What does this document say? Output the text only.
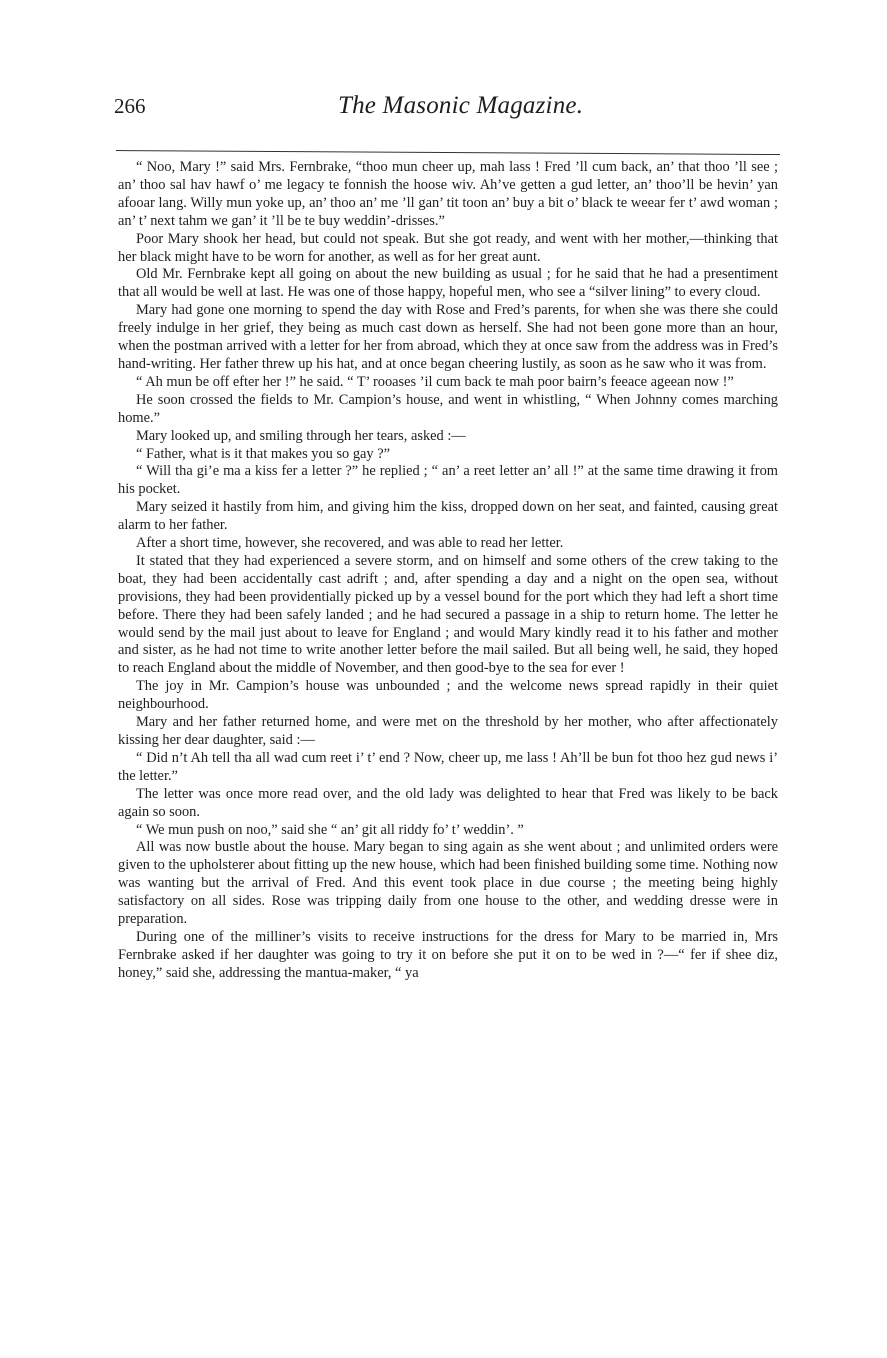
266	The Masonic Magazine.

“ Noo, Mary !” said Mrs. Fernbrake, “thoo mun cheer up, mah lass ! Fred ’ll cum back, an’ that thoo ’ll see ; an’ thoo sal hav hawf o’ me legacy te fonnish the hoose wiv. Ah’ve getten a gud letter, an’ thoo’ll be hevin’ yan afooar lang. Willy mun yoke up, an’ thoo an’ me ’ll gan’ tit toon an’ buy a bit o’ black te weear fer t’ awd woman ; an’ t’ next tahm we gan’ it ’ll be te buy weddin’-drisses.”

Poor Mary shook her head, but could not speak. But she got ready, and went with her mother,—thinking that her black might have to be worn for another, as well as for her great aunt.

Old Mr. Fernbrake kept all going on about the new building as usual ; for he said that he had a presentiment that all would be well at last. He was one of those happy, hopeful men, who see a “silver lining” to every cloud.

Mary had gone one morning to spend the day with Rose and Fred’s parents, for when she was there she could freely indulge in her grief, they being as much cast down as herself. She had not been gone more than an hour, when the postman arrived with a letter for her from abroad, which they at once saw from the address was in Fred’s hand-writing. Her father threw up his hat, and at once began cheering lustily, as soon as he saw who it was from.

“ Ah mun be off efter her !” he said. “ T’ rooases ’il cum back te mah poor bairn’s feeace ageean now !”

He soon crossed the fields to Mr. Campion’s house, and went in whistling, “ When Johnny comes marching home.”

Mary looked up, and smiling through her tears, asked :—

“ Father, what is it that makes you so gay ?”

“ Will tha gi’e ma a kiss fer a letter ?” he replied ; “ an’ a reet letter an’ all !” at the same time drawing it from his pocket.

Mary seized it hastily from him, and giving him the kiss, dropped down on her seat, and fainted, causing great alarm to her father.

After a short time, however, she recovered, and was able to read her letter.

It stated that they had experienced a severe storm, and on himself and some others of the crew taking to the boat, they had been accidentally cast adrift ; and, after spending a day and a night on the open sea, without provisions, they had been providentially picked up by a vessel bound for the port which they had left a short time before. There they had been safely landed ; and he had secured a passage in a ship to return home. The letter he would send by the mail just about to leave for England ; and would Mary kindly read it to his father and mother and sister, as he had not time to write another letter before the mail sailed. But all being well, he said, they hoped to reach England about the middle of November, and then good-bye to the sea for ever !

The joy in Mr. Campion’s house was unbounded ; and the welcome news spread rapidly in their quiet neighbourhood.

Mary and her father returned home, and were met on the threshold by her mother, who after affectionately kissing her dear daughter, said :—

“ Did n’t Ah tell tha all wad cum reet i’ t’ end ? Now, cheer up, me lass ! Ah’ll be bun fot thoo hez gud news i’ the letter.”

The letter was once more read over, and the old lady was delighted to hear that Fred was likely to be back again so soon.

“ We mun push on noo,” said she “ an’ git all riddy fo’ t’ weddin’. ”

All was now bustle about the house. Mary began to sing again as she went about ; and unlimited orders were given to the upholsterer about fitting up the new house, which had been finished building some time. Nothing now was wanting but the arrival of Fred. And this event took place in due course ; the meeting being highly satisfactory on all sides. Rose was tripping daily from one house to the other, and wedding dresse were in preparation.

During one of the milliner’s visits to receive instructions for the dress for Mary to be married in, Mrs Fernbrake asked if her daughter was going to try it on before she put it on to be wed in ?—“ fer if shee diz, honey,” said she, addressing the mantua-maker, “ ya
